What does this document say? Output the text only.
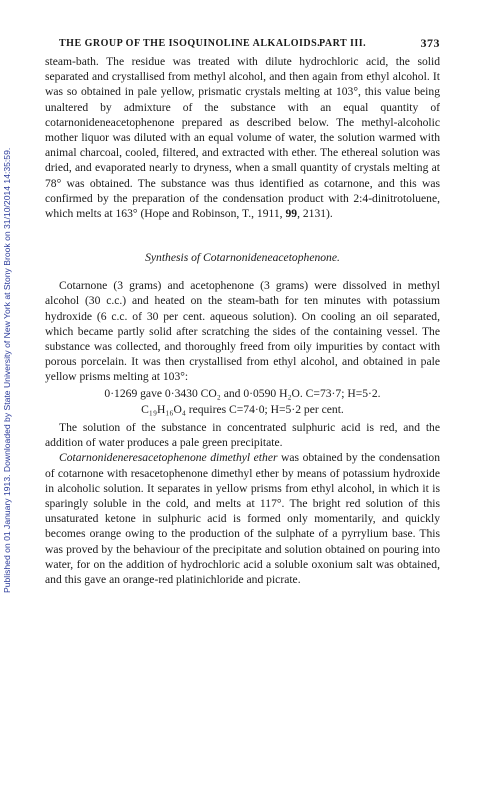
Published on 01 January 1913. Downloaded by State University of New York at Stony Brook on 31/10/2014 14:35:59.
THE GROUP OF THE ISOQUINOLINE ALKALOIDS.
PART III.	373

steam-bath. The residue was treated with dilute hydrochloric acid, the solid separated and crystallised from methyl alcohol, and then again from ethyl alcohol. It was so obtained in pale yellow, prismatic crystals melting at 103°, this value being unaltered by admixture of the substance with an equal quantity of cotarnonideneacetophenone prepared as described below. The methyl-alcoholic mother liquor was diluted with an equal volume of water, the solution warmed with animal charcoal, cooled, filtered, and extracted with ether. The ethereal solution was dried, and evaporated nearly to dryness, when a small quantity of crystals melting at 78° was obtained. The substance was thus identified as cotarnone, and this was confirmed by the preparation of the condensation product with 2:4-dinitrotoluene, which melts at 163° (Hope and Robinson, T., 1911, 99, 2131).

Synthesis of Cotarnonideneacetophenone.

Cotarnone (3 grams) and acetophenone (3 grams) were dissolved in methyl alcohol (30 c.c.) and heated on the steam-bath for ten minutes with potassium hydroxide (6 c.c. of 30 per cent. aqueous solution). On cooling an oil separated, which became partly solid after scratching the sides of the containing vessel. The substance was collected, and thoroughly freed from oily impurities by contact with porous porcelain. It was then crystallised from ethyl alcohol, and obtained in pale yellow prisms melting at 103°:

0·1269 gave 0·3430 CO₂ and 0·0590 H₂O. C=73·7; H=5·2.

C₁₉H₁₆O₄ requires C=74·0; H=5·2 per cent.

The solution of the substance in concentrated sulphuric acid is red, and the addition of water produces a pale green precipitate.

Cotarnonideneresacetophenone dimethyl ether was obtained by the condensation of cotarnone with resacetophenone dimethyl ether by means of potassium hydroxide in alcoholic solution. It separates in yellow prisms from ethyl alcohol, in which it is sparingly soluble in the cold, and melts at 117°. The bright red solution of this unsaturated ketone in sulphuric acid is formed only momentarily, and quickly becomes orange owing to the production of the sulphate of a pyrrylium base. This was proved by the behaviour of the precipitate and solution obtained on pouring into water, for on the addition of hydrochloric acid a soluble oxonium salt was obtained, and this gave an orange-red platinichloride and picrate.
